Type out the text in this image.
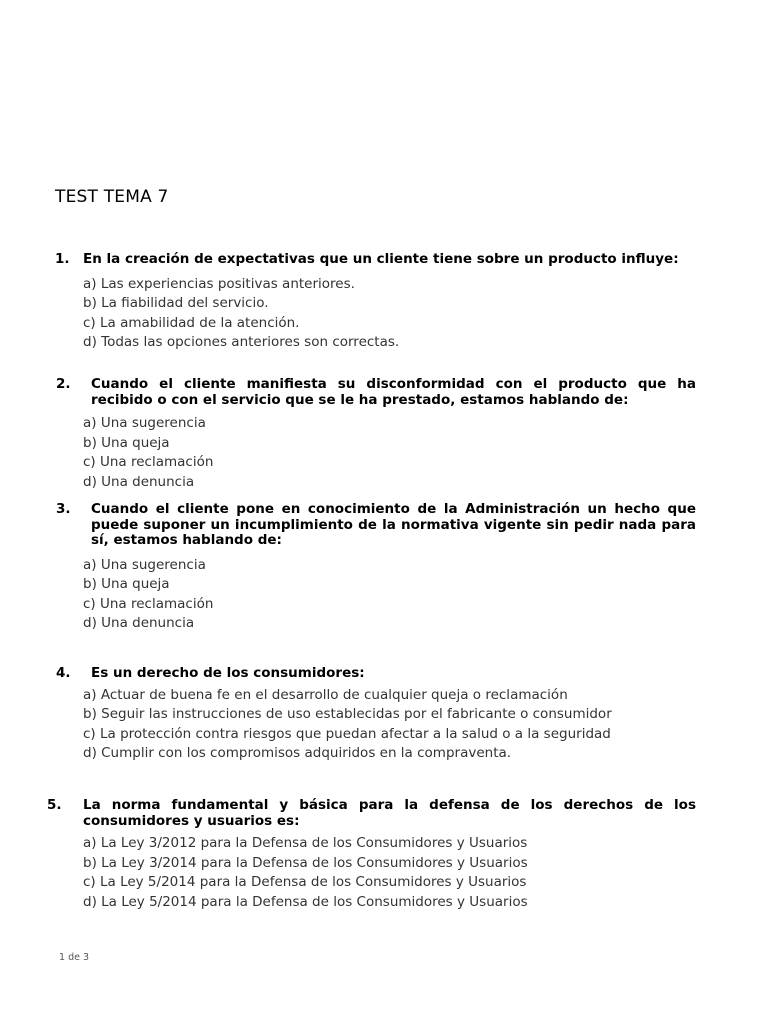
TEST TEMA 7
1. En la creación de expectativas que un cliente tiene sobre un producto influye:
a) Las experiencias positivas anteriores.
b) La fiabilidad del servicio.
c) La amabilidad de la atención.
d) Todas las opciones anteriores son correctas.
2. Cuando el cliente manifiesta su disconformidad con el producto que ha recibido o con el servicio que se le ha prestado, estamos hablando de:
a) Una sugerencia
b) Una queja
c) Una reclamación
d) Una denuncia
3. Cuando el cliente pone en conocimiento de la Administración un hecho que puede suponer un incumplimiento de la normativa vigente sin pedir nada para sí, estamos hablando de:
a) Una sugerencia
b) Una queja
c) Una reclamación
d) Una denuncia
4. Es un derecho de los consumidores:
a) Actuar de buena fe en el desarrollo de cualquier queja o reclamación
b) Seguir las instrucciones de uso establecidas por el fabricante o consumidor
c) La protección contra riesgos que puedan afectar a la salud o a la seguridad
d) Cumplir con los compromisos adquiridos en la compraventa.
5. La norma fundamental y básica para la defensa de los derechos de los consumidores y usuarios es:
a) La Ley 3/2012 para la Defensa de los Consumidores y Usuarios
b) La Ley 3/2014 para la Defensa de los Consumidores y Usuarios
c) La Ley 5/2014 para la Defensa de los Consumidores y Usuarios
d) La Ley 5/2014 para la Defensa de los Consumidores y Usuarios
1 de 3
